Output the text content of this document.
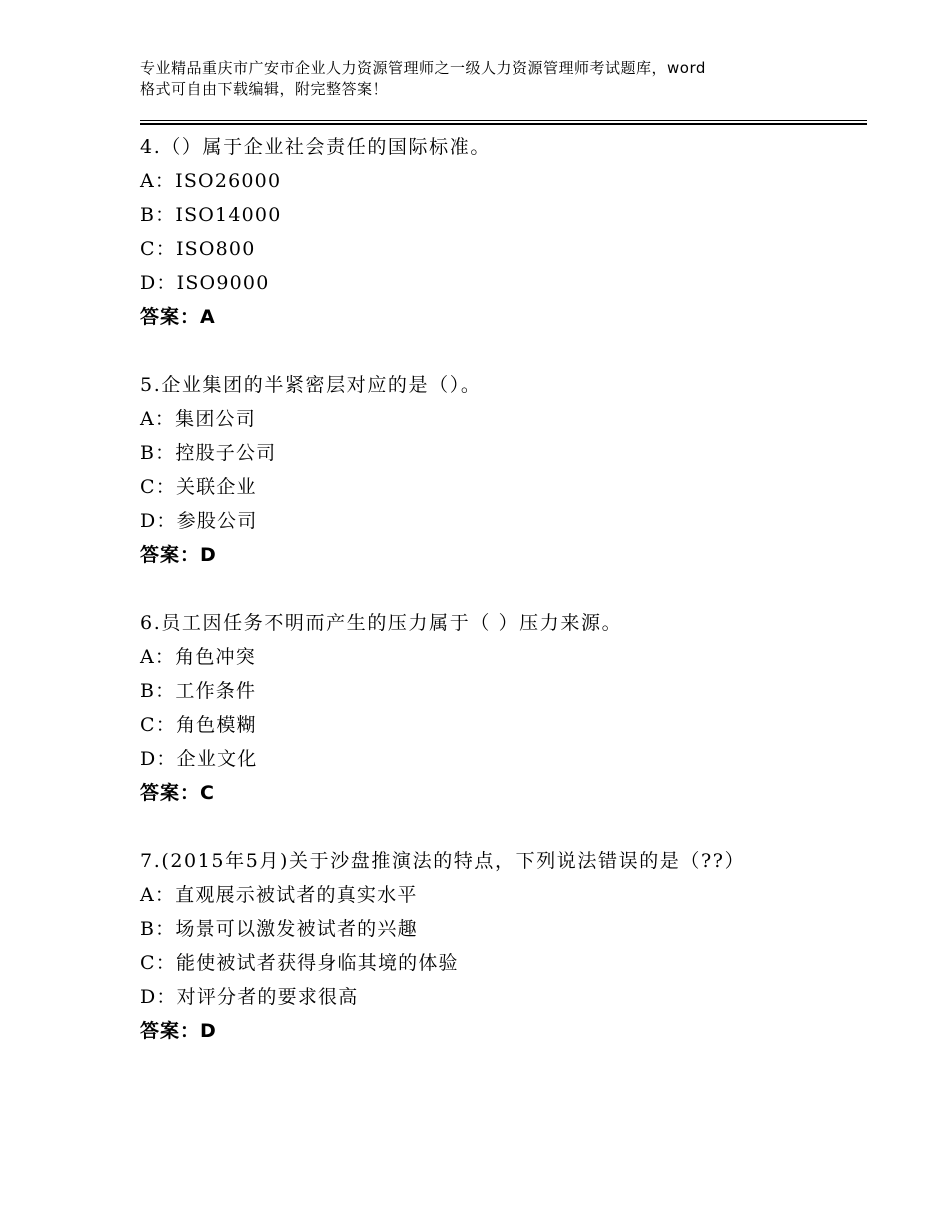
专业精品重庆市广安市企业人力资源管理师之一级人力资源管理师考试题库，word
格式可自由下载编辑，附完整答案！
4.（）属于企业社会责任的国际标准。
A：ISO26000
B：ISO14000
C：ISO800
D：ISO9000
答案：A
5.企业集团的半紧密层对应的是（）。
A：集团公司
B：控股子公司
C：关联企业
D：参股公司
答案：D
6.员工因任务不明而产生的压力属于（ ）压力来源。
A：角色冲突
B：工作条件
C：角色模糊
D：企业文化
答案：C
7.(2015年5月)关于沙盘推演法的特点，下列说法错误的是（??）
A：直观展示被试者的真实水平
B：场景可以激发被试者的兴趣
C：能使被试者获得身临其境的体验
D：对评分者的要求很高
答案：D
